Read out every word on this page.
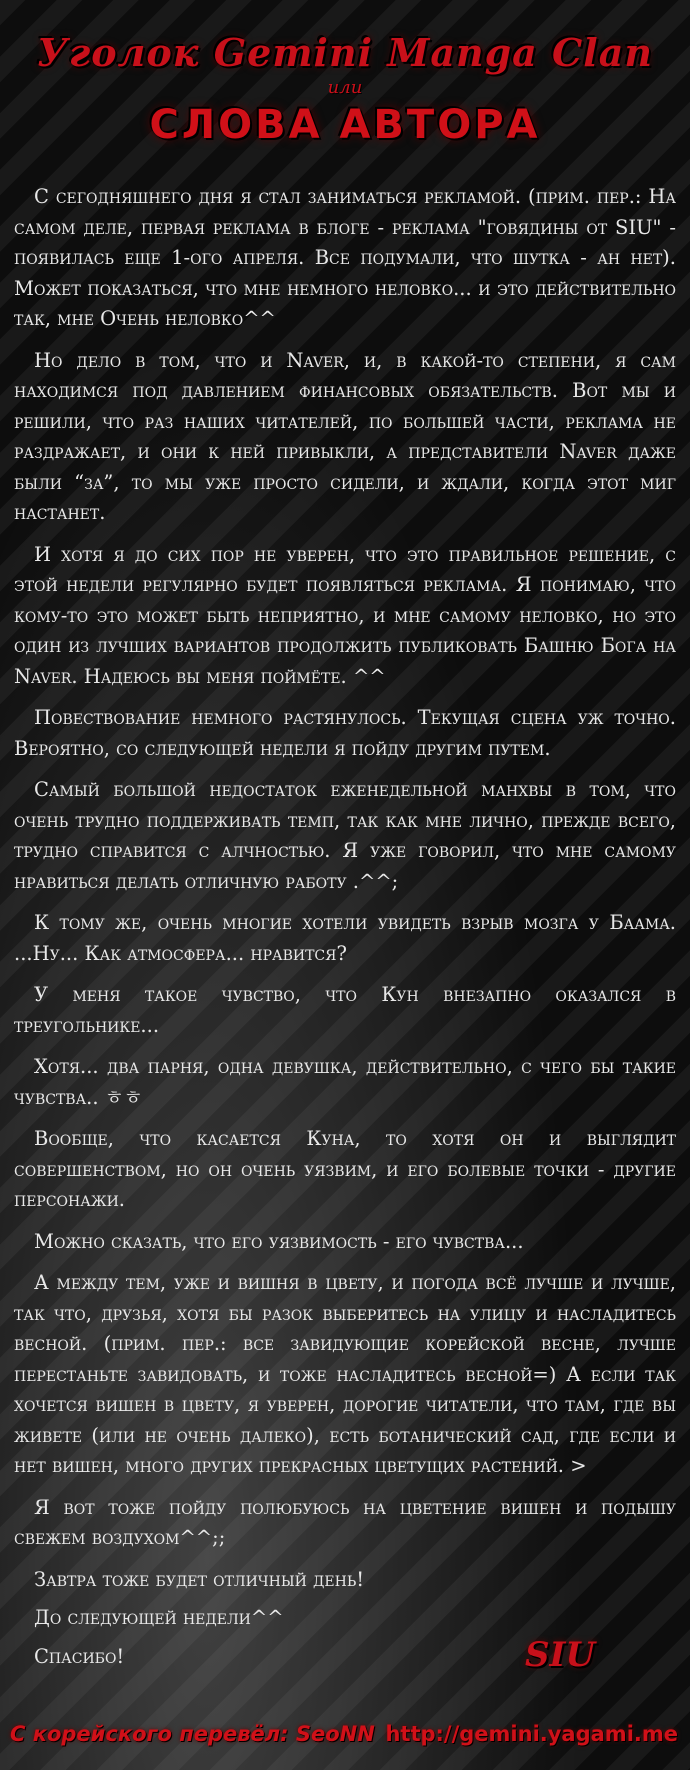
Уголок Gemini Manga Clan
или
СЛОВА АВТОРА

С сегодняшнего дня я стал заниматься рекламой. (прим. пер.: На самом деле, первая реклама в блоге - реклама "говядины от SIU" - появилась еще 1-ого апреля. Все подумали, что шутка - ан нет). Может показаться, что мне немного неловко... и это действительно так, мне Очень неловко^^

Но дело в том, что и Naver, и, в какой-то степени, я сам находимся под давлением финансовых обязательств. Вот мы и решили, что раз наших читателей, по большей части, реклама не раздражает, и они к ней привыкли, а представители Naver даже были “за”, то мы уже просто сидели, и ждали, когда этот миг настанет.

И хотя я до сих пор не уверен, что это правильное решение, с этой недели регулярно будет появляться реклама. Я понимаю, что кому-то это может быть неприятно, и мне самому неловко, но это один из лучших вариантов продолжить публиковать Башню Бога на Naver. Надеюсь вы меня поймёте. ^^

Повествование немного растянулось. Текущая сцена уж точно. Вероятно, со следующей недели я пойду другим путем.

Самый большой недостаток еженедельной манхвы в том, что очень трудно поддерживать темп, так как мне лично, прежде всего, трудно справится с алчностью. Я уже говорил, что мне самому нравиться делать отличную работу .^^;

К тому же, очень многие хотели увидеть взрыв мозга у Баама. ...Ну... Как атмосфера... нравится?

У меня такое чувство, что Кун внезапно оказался в треугольнике...

Хотя... два парня, одна девушка, действительно, с чего бы такие чувства.. ㅎㅎ

Вообще, что касается Куна, то хотя он и выглядит совершенством, но он очень уязвим, и его болевые точки - другие персонажи.

Можно сказать, что его уязвимость - его чувства...

А между тем, уже и вишня в цвету, и погода всё лучше и лучше, так что, друзья, хотя бы разок выберитесь на улицу и насладитесь весной. (прим. пер.: все завидующие корейской весне, лучше перестаньте завидовать, и тоже насладитесь весной=) А если так хочется вишен в цвету, я уверен, дорогие читатели, что там, где вы живете (или не очень далеко), есть ботанический сад, где если и нет вишен, много других прекрасных цветущих растений. >

Я вот тоже пойду полюбуюсь на цветение вишен и подышу свежем воздухом^^;;

Завтра тоже будет отличный день!

До следующей недели^^

Спасибо!	SIU
С корейского перевёл: SeoNN http://gemini.yagami.me
